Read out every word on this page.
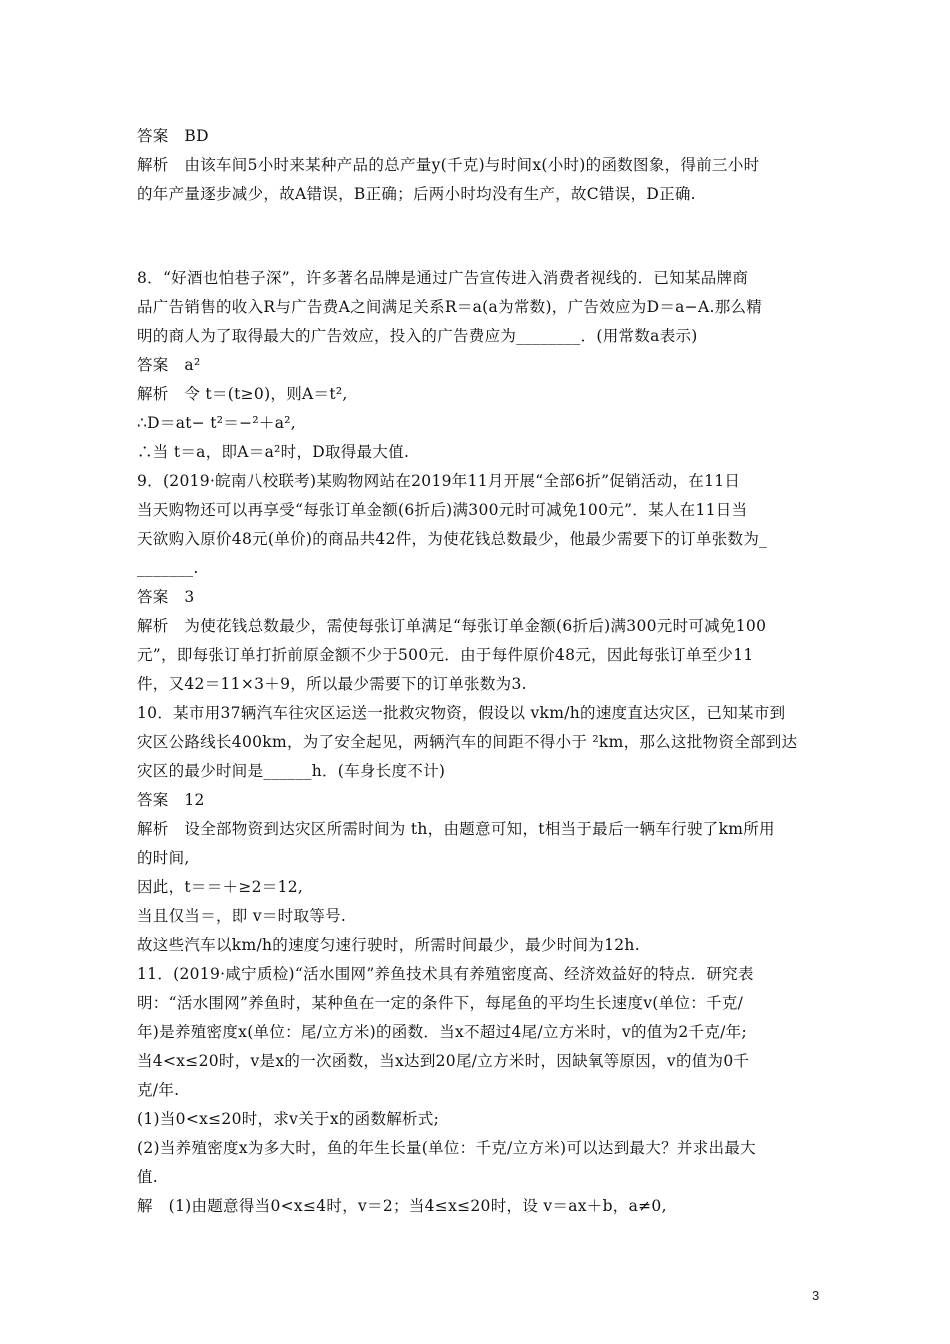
答案　BD
解析　由该车间5小时来某种产品的总产量y(千克)与时间x(小时)的函数图象，得前三小时
的年产量逐步减少，故A错误，B正确；后两小时均没有生产，故C错误，D正确.
8．“好酒也怕巷子深”，许多著名品牌是通过广告宣传进入消费者视线的．已知某品牌商
品广告销售的收入R与广告费A之间满足关系R＝a(a为常数)，广告效应为D＝a−A.那么精
明的商人为了取得最大的广告效应，投入的广告费应为________．(用常数a表示)
答案　a²
解析　令 t＝(t≥0)，则A＝t²,
∴D＝at− t²＝−²＋a²,
∴当 t＝a，即A＝a²时，D取得最大值.
9．(2019·皖南八校联考)某购物网站在2019年11月开展“全部6折”促销活动，在11日
当天购物还可以再享受“每张订单金额(6折后)满300元时可减免100元”．某人在11日当
天欲购入原价48元(单价)的商品共42件，为使花钱总数最少，他最少需要下的订单张数为_
_______.
答案　3
解析　为使花钱总数最少，需使每张订单满足“每张订单金额(6折后)满300元时可减免100
元”，即每张订单打折前原金额不少于500元．由于每件原价48元，因此每张订单至少11
件，又42＝11×3＋9，所以最少需要下的订单张数为3.
10．某市用37辆汽车往灾区运送一批救灾物资，假设以 vkm/h的速度直达灾区，已知某市到
灾区公路线长400km，为了安全起见，两辆汽车的间距不得小于 ²km，那么这批物资全部到达
灾区的最少时间是______h．(车身长度不计)
答案　12
解析　设全部物资到达灾区所需时间为 th，由题意可知，t相当于最后一辆车行驶了km所用
的时间,
因此，t＝＝＋≥2＝12,
当且仅当＝，即 v＝时取等号.
故这些汽车以km/h的速度匀速行驶时，所需时间最少，最少时间为12h.
11．(2019·咸宁质检)“活水围网”养鱼技术具有养殖密度高、经济效益好的特点．研究表
明：“活水围网”养鱼时，某种鱼在一定的条件下，每尾鱼的平均生长速度v(单位：千克/
年)是养殖密度x(单位：尾/立方米)的函数．当x不超过4尾/立方米时，v的值为2千克/年;
当4<x≤20时，v是x的一次函数，当x达到20尾/立方米时，因缺氧等原因，v的值为0千
克/年.
(1)当0<x≤20时，求v关于x的函数解析式;
(2)当养殖密度x为多大时，鱼的年生长量(单位：千克/立方米)可以达到最大？并求出最大
值.
解　(1)由题意得当0<x≤4时，v＝2；当4≤x≤20时，设 v＝ax＋b，a≠0,
3
